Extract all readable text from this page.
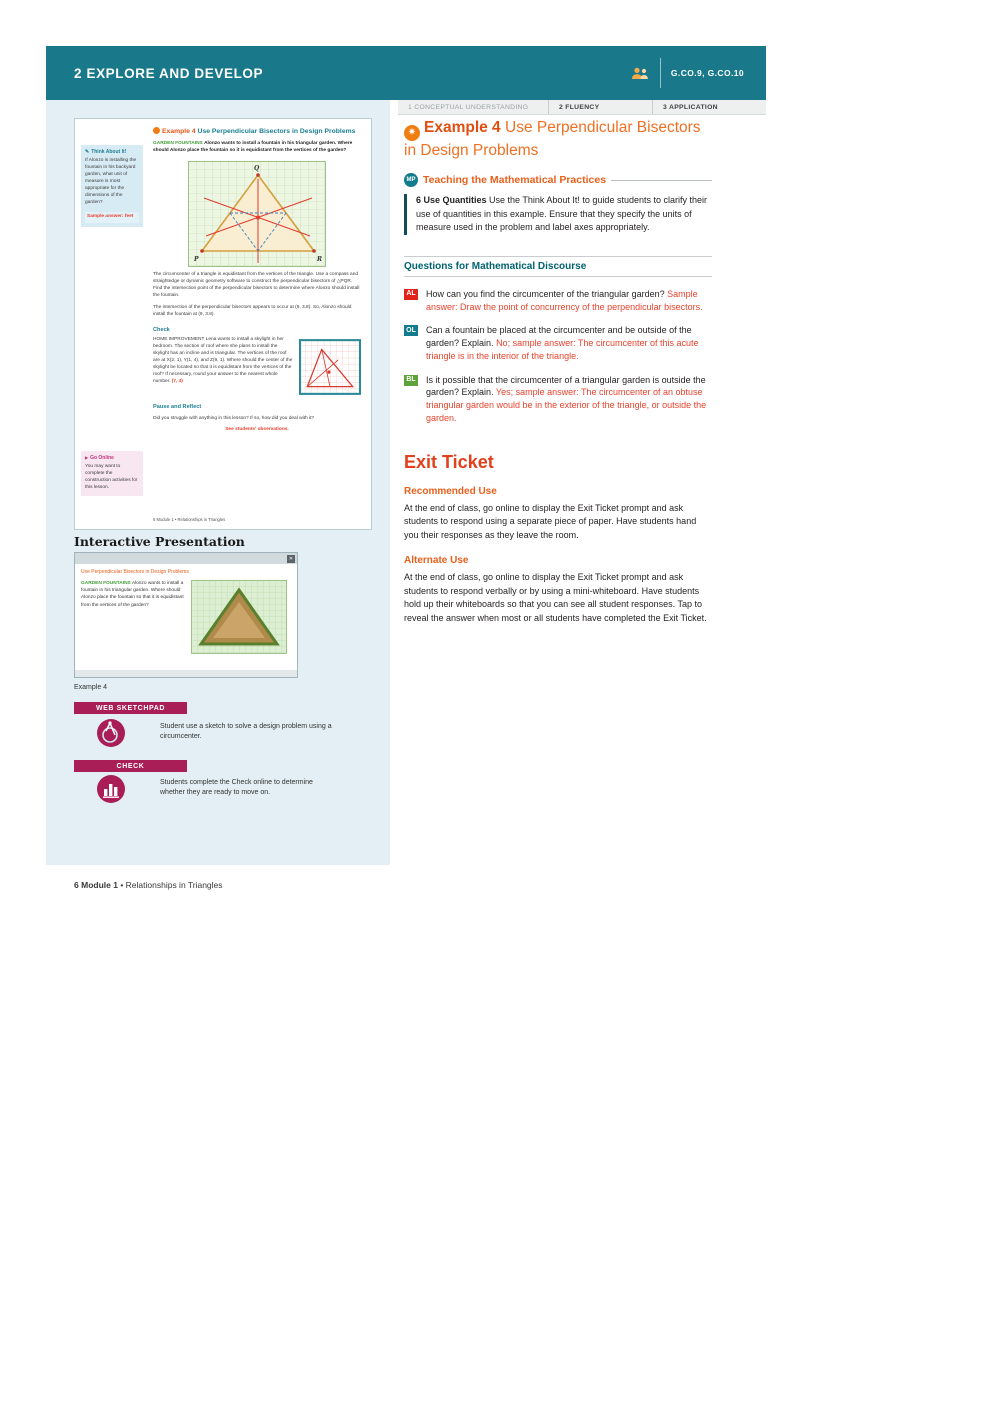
2 EXPLORE AND DEVELOP	G.CO.9, G.CO.10
1 CONCEPTUAL UNDERSTANDING	2 FLUENCY	3 APPLICATION
✎ Think About It!
If Alonzo is installing the fountain in his backyard garden, what unit of measure is most appropriate for the dimensions of the garden?
Sample answer: feet
▶ Go Online
You may want to complete the construction activities for this lesson.
Example 4 Use Perpendicular Bisectors in Design Problems

GARDEN FOUNTAINS Alonzo wants to install a fountain in his triangular garden. Where should Alonzo place the fountain so it is equidistant from the vertices of the garden?

P
Q
R

The circumcenter of a triangle is equidistant from the vertices of the triangle. Use a compass and straightedge or dynamic geometry software to construct the perpendicular bisectors of △PQR. Find the intersection point of the perpendicular bisectors to determine where Alonzo should install the fountain.

The intersection of the perpendicular bisectors appears to occur at (9, 3.8). So, Alonzo should install the fountain at (9, 3.8).

Check

HOME IMPROVEMENT Lena wants to install a skylight in her bedroom. The section of roof where she plans to install the skylight has an incline and is triangular. The vertices of the roof are at X(2, 1), Y(1, 4), and Z(9, 1). Where should the center of the skylight be located so that it is equidistant from the vertices of the roof? If necessary, round your answer to the nearest whole number. (7, 4)

Pause and Reflect

Did you struggle with anything in this lesson? If so, how did you deal with it?

See students' observations.

6 Module 1 • Relationships in Triangles
Interactive Presentation
✕
Use Perpendicular Bisectors in Design Problems
GARDEN FOUNTAINS Alonzo wants to install a fountain in his triangular garden. Where should Alonzo place the fountain so that it is equidistant from the vertices of the garden?
Example 4
WEB SKETCHPAD
Student use a sketch to solve a design problem using a circumcenter.
CHECK
Students complete the Check online to determine whether they are ready to move on.
6 Module 1 • Relationships in Triangles
✷Example 4 Use Perpendicular Bisectors in Design Problems
MP Teaching the Mathematical Practices
6 Use Quantities Use the Think About It! to guide students to clarify their use of quantities in this example. Ensure that they specify the units of measure used in the problem and label axes appropriately.
Questions for Mathematical Discourse
AL How can you find the circumcenter of the triangular garden? Sample answer: Draw the point of concurrency of the perpendicular bisectors.
OL Can a fountain be placed at the circumcenter and be outside of the garden? Explain. No; sample answer: The circumcenter of this acute triangle is in the interior of the triangle.
BL Is it possible that the circumcenter of a triangular garden is outside the garden? Explain. Yes; sample answer: The circumcenter of an obtuse triangular garden would be in the exterior of the triangle, or outside the garden.
Exit Ticket
Recommended Use

At the end of class, go online to display the Exit Ticket prompt and ask students to respond using a separate piece of paper. Have students hand you their responses as they leave the room.

Alternate Use

At the end of class, go online to display the Exit Ticket prompt and ask students to respond verbally or by using a mini-whiteboard. Have students hold up their whiteboards so that you can see all student responses. Tap to reveal the answer when most or all students have completed the Exit Ticket.
